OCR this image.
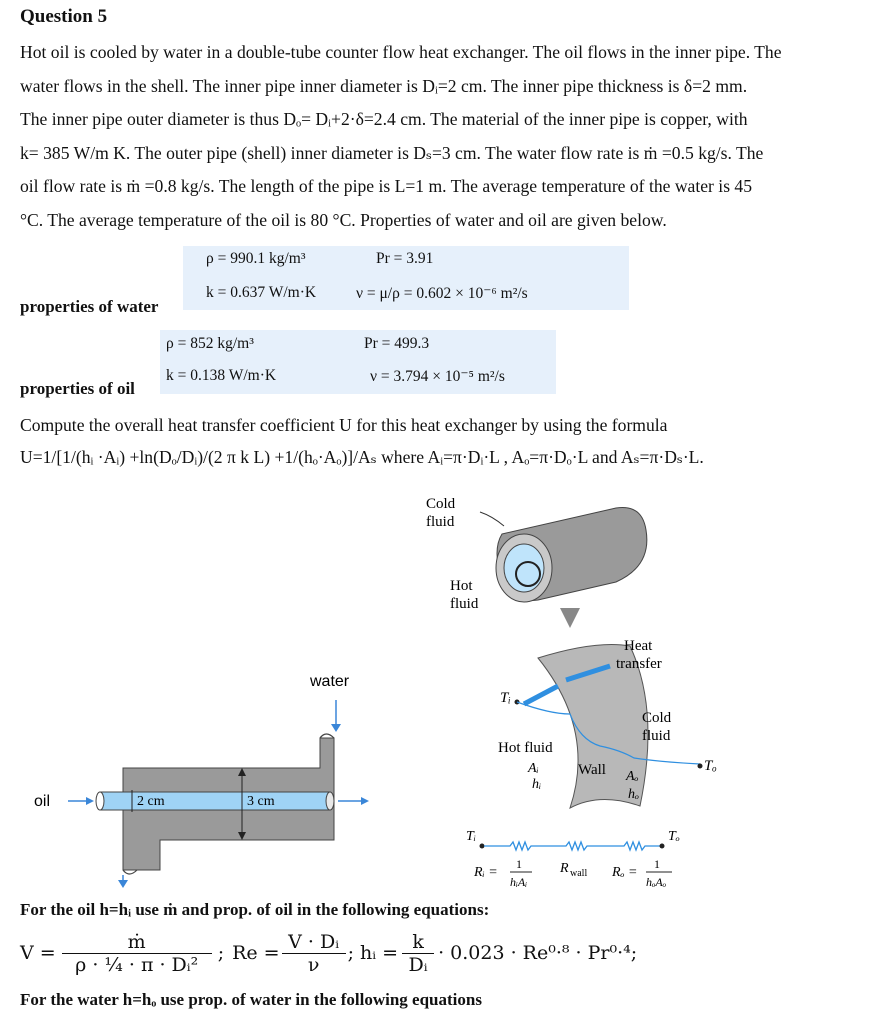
Question 5

Hot oil is cooled by water in a double-tube counter flow heat exchanger. The oil flows in the inner pipe. The

water flows in the shell. The inner pipe inner diameter is Dᵢ=2 cm. The inner pipe thickness is δ=2 mm.

The inner pipe outer diameter is thus Dₒ= Dᵢ+2·δ=2.4 cm. The material of the inner pipe is copper, with

k= 385 W/m K. The outer pipe (shell) inner diameter is Dₛ=3 cm. The water flow rate is ṁ =0.5 kg/s. The

oil flow rate is ṁ =0.8 kg/s. The length of the pipe is L=1 m. The average temperature of the water is 45

°C. The average temperature of the oil is 80 °C. Properties of water and oil are given below.

ρ = 990.1 kg/m³	Pr = 3.91
k = 0.637 W/m·K	ν = μ/ρ = 0.602 × 10⁻⁶ m²/s
properties of water
ρ = 852 kg/m³	Pr = 499.3
k = 0.138 W/m·K	ν = 3.794 × 10⁻⁵ m²/s
properties of oil
Compute the overall heat transfer coefficient U for this heat exchanger by using the formula
U=1/[1/(hᵢ ·Aᵢ) +ln(Dₒ/Dᵢ)/(2 π k L) +1/(hₒ·Aₒ)]/Aₛ where Aᵢ=π·Dᵢ·L , Aₒ=π·Dₒ·L and Aₛ=π·Dₛ·L.
water
oil	2 cm	3 cm
Cold
fluid
Hot
fluid
Heat
transfer
Tᵢ
Tₒ
Cold
fluid
Hot fluid
Aᵢ
hᵢ
Wall Aₒ
hₒ
Tᵢ	Tₒ
Rᵢ =
1
hᵢAᵢ
R wall Rₒ =
1
hₒAₒ
For the oil h=hᵢ use ṁ and prop. of oil in the following equations:
$V = \frac{\text{ṁ}}{\text{ρ · ¼ · π · Dᵢ²}}$ ; $Re = \frac{\text{V · Dᵢ}}{\nu}$ ; hᵢ = $\frac{k}{\text{Dᵢ}} \cdot 0.023 \cdot Re^0\cdot^8 \cdot Pr^0\cdot^4$;
For the water h=hₒ use prop. of water in the following equations
